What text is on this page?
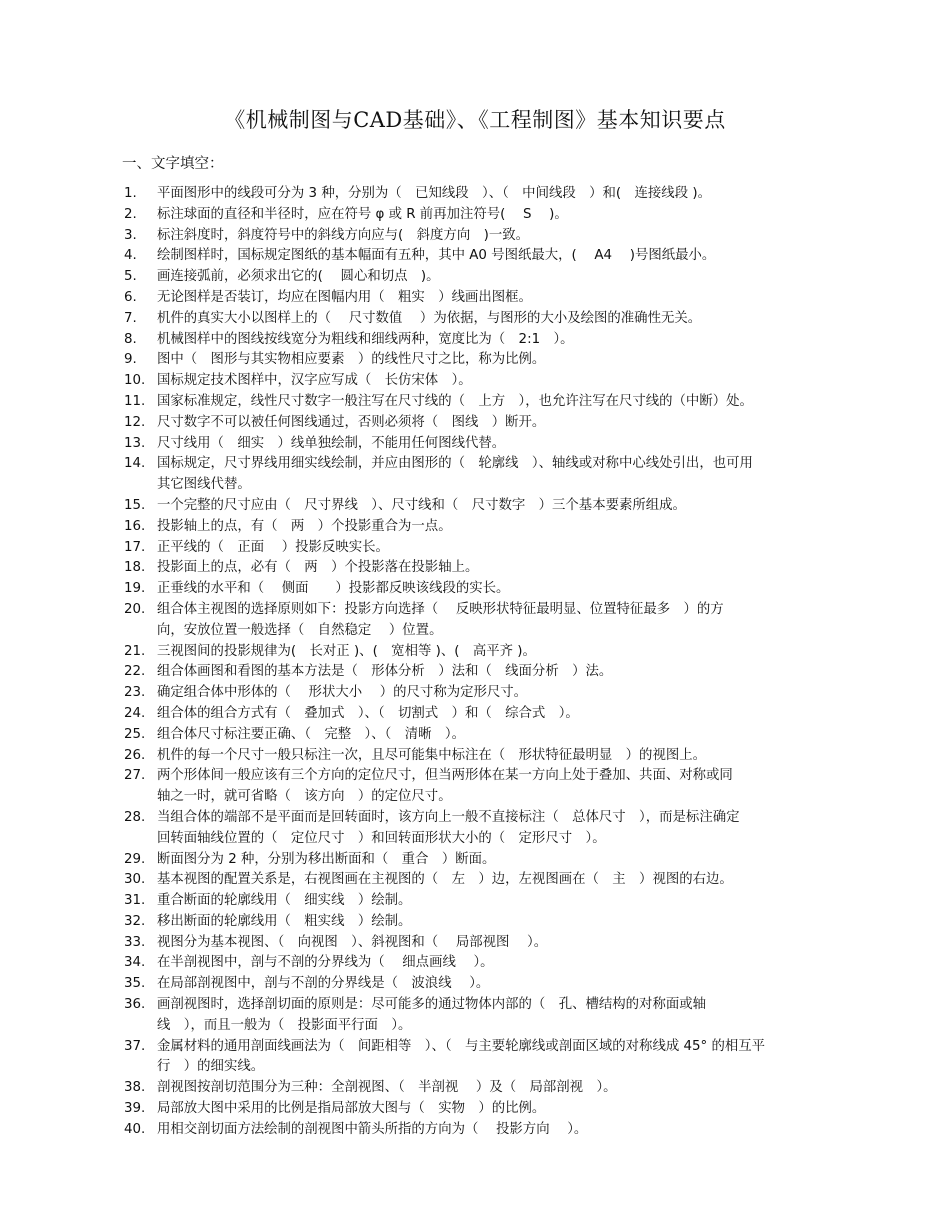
《机械制图与CAD基础》、《工程制图》基本知识要点
一、文字填空：
1.	平面图形中的线段可分为 3 种，分别为（　已知线段　）、（　中间线段　）和(　连接线段 )。
2.	标注球面的直径和半径时，应在符号 φ 或 R 前再加注符号(　 S　 )。
3.	标注斜度时，斜度符号中的斜线方向应与(　斜度方向　)一致。
4.	绘制图样时，国标规定图纸的基本幅面有五种，其中 A0 号图纸最大，(　 A4　 )号图纸最小。
5.	画连接弧前，必须求出它的(　 圆心和切点　)。
6.	无论图样是否装订，均应在图幅内用（　粗实　）线画出图框。
7.	机件的真实大小以图样上的（　 尺寸数值　 ）为依据，与图形的大小及绘图的准确性无关。
8.	机械图样中的图线按线宽分为粗线和细线两种，宽度比为（　2:1　）。
9.	图中（　图形与其实物相应要素　）的线性尺寸之比，称为比例。
10. 国标规定技术图样中，汉字应写成（　长仿宋体　）。
11. 国家标准规定，线性尺寸数字一般注写在尺寸线的（　上方　），也允许注写在尺寸线的（中断）处。
12. 尺寸数字不可以被任何图线通过，否则必须将（　图线　）断开。
13. 尺寸线用（　细实　）线单独绘制，不能用任何图线代替。
14. 国标规定，尺寸界线用细实线绘制，并应由图形的（　轮廓线　）、轴线或对称中心线处引出，也可用
其它图线代替。
15. 一个完整的尺寸应由（　尺寸界线　）、尺寸线和（　尺寸数字　）三个基本要素所组成。
16. 投影轴上的点，有（　两　）个投影重合为一点。
17. 正平线的（　正面　 ）投影反映实长。
18. 投影面上的点，必有（　两　）个投影落在投影轴上。
19. 正垂线的水平和（　 侧面　　）投影都反映该线段的实长。
20. 组合体主视图的选择原则如下：投影方向选择（　 反映形状特征最明显、位置特征最多　）的方
向，安放位置一般选择（　自然稳定　 ）位置。
21. 三视图间的投影规律为(　长对正 )、(　宽相等 )、(　高平齐 )。
22. 组合体画图和看图的基本方法是（　形体分析　）法和（　线面分析　）法。
23. 确定组合体中形体的（　 形状大小　 ）的尺寸称为定形尺寸。
24. 组合体的组合方式有（　叠加式　）、（　切割式　）和（　综合式　）。
25. 组合体尺寸标注要正确、（　完整　）、（　清晰　）。
26. 机件的每一个尺寸一般只标注一次，且尽可能集中标注在（　形状特征最明显　）的视图上。
27. 两个形体间一般应该有三个方向的定位尺寸，但当两形体在某一方向上处于叠加、共面、对称或同
轴之一时，就可省略（　该方向　）的定位尺寸。
28. 当组合体的端部不是平面而是回转面时，该方向上一般不直接标注（　总体尺寸　），而是标注确定
回转面轴线位置的（　定位尺寸　）和回转面形状大小的（　定形尺寸　）。
29. 断面图分为 2 种，分别为移出断面和（　重合　）断面。
30. 基本视图的配置关系是，右视图画在主视图的（　左　）边，左视图画在（　主　）视图的右边。
31. 重合断面的轮廓线用（　细实线　）绘制。
32. 移出断面的轮廓线用（　粗实线　）绘制。
33. 视图分为基本视图、（　向视图　）、斜视图和（　 局部视图　 ）。
34. 在半剖视图中，剖与不剖的分界线为（　 细点画线　 ）。
35. 在局部剖视图中，剖与不剖的分界线是（　波浪线　 ）。
36. 画剖视图时，选择剖切面的原则是：尽可能多的通过物体内部的（　孔、槽结构的对称面或轴
线　），而且一般为（　投影面平行面　）。
37. 金属材料的通用剖面线画法为（　间距相等　）、（　与主要轮廓线或剖面区域的对称线成 45° 的相互平
行　）的细实线。
38. 剖视图按剖切范围分为三种：全剖视图、（　半剖视　 ）及（　局部剖视　）。
39. 局部放大图中采用的比例是指局部放大图与（　实物　）的比例。
40. 用相交剖切面方法绘制的剖视图中箭头所指的方向为（　 投影方向　 ）。
